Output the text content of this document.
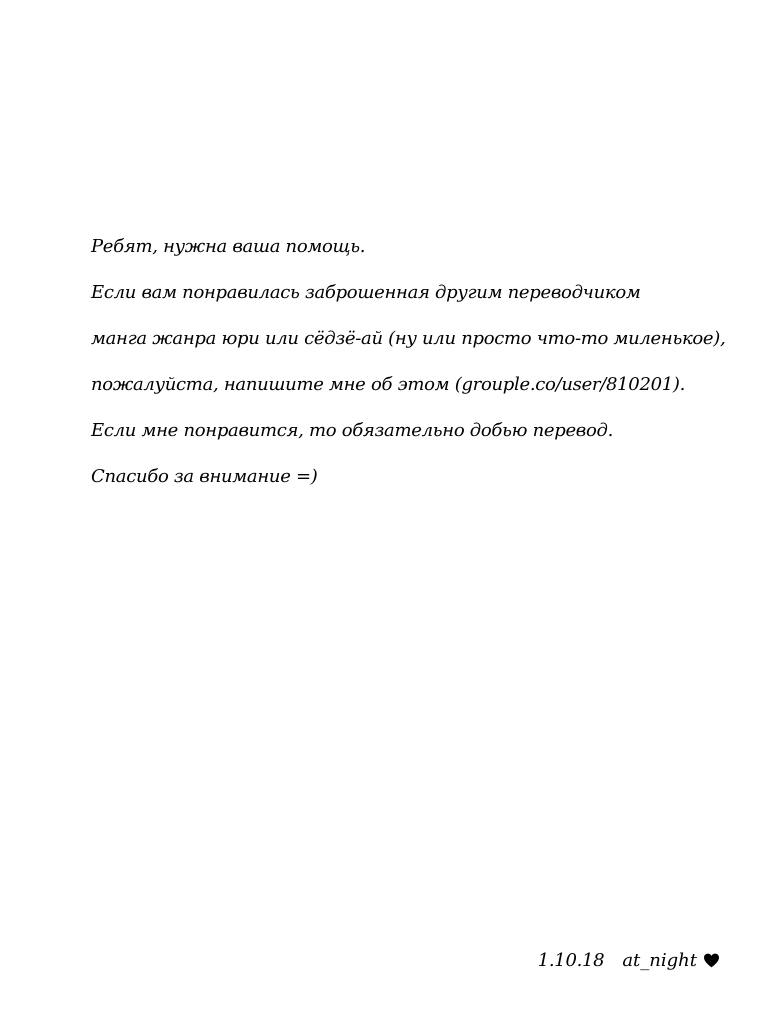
Ребят, нужна ваша помощь.
Если вам понравилась заброшенная другим переводчиком
манга жанра юри или сёдзё-ай (ну или просто что-то миленькое),
пожалуйста, напишите мне об этом (grouple.co/user/810201).
Если мне понравится, то обязательно добью перевод.
Спасибо за внимание =)
1.10.18 at_night
